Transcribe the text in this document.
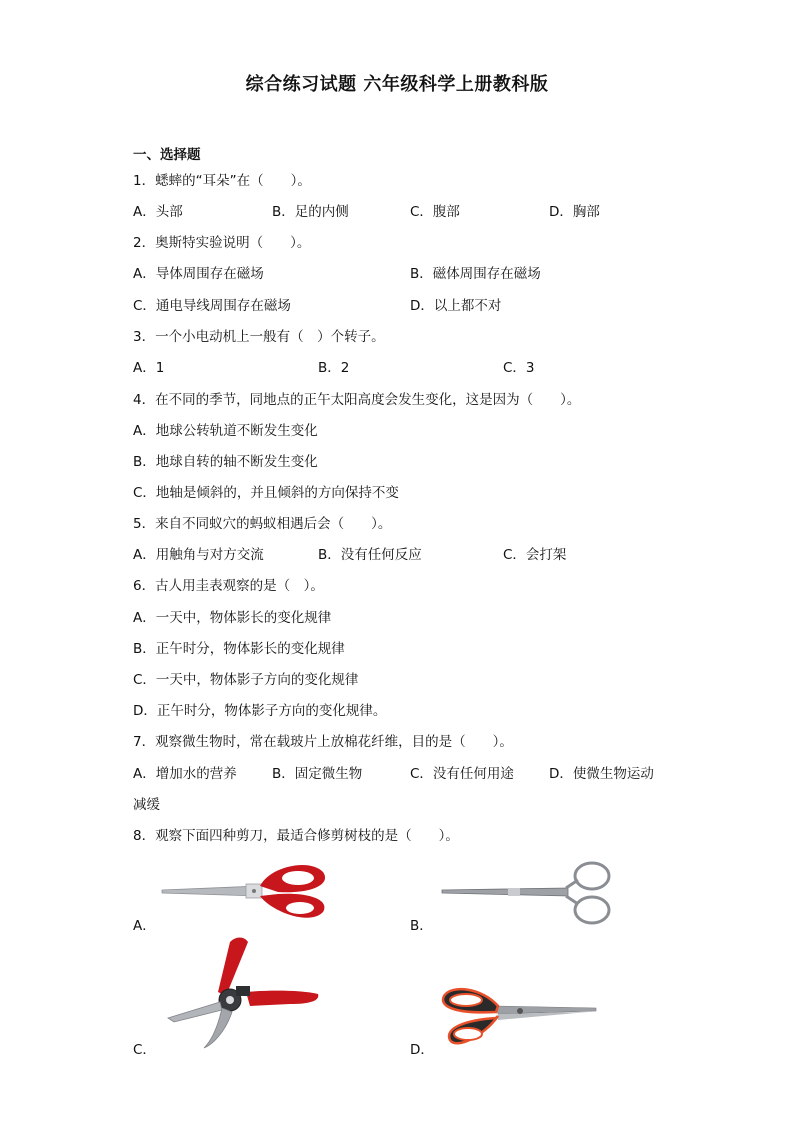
综合练习试题 六年级科学上册教科版
一、选择题
1．蟋蟀的“耳朵”在（　　）。
A．头部	B．足的内侧	C．腹部	D．胸部
2．奥斯特实验说明（　　）。
A．导体周围存在磁场	B．磁体周围存在磁场
C．通电导线周围存在磁场	D．以上都不对
3．一个小电动机上一般有（　）个转子。
A．1	B．2	C．3
4．在不同的季节，同地点的正午太阳高度会发生变化，这是因为（　　）。
A．地球公转轨道不断发生变化
B．地球自转的轴不断发生变化
C．地轴是倾斜的，并且倾斜的方向保持不变
5．来自不同蚁穴的蚂蚁相遇后会（　　）。
A．用触角与对方交流	B．没有任何反应	C．会打架
6．古人用圭表观察的是（　）。
A．一天中，物体影长的变化规律
B．正午时分，物体影长的变化规律
C．一天中，物体影子方向的变化规律
D．正午时分，物体影子方向的变化规律。
7．观察微生物时，常在载玻片上放棉花纤维，目的是（　　）。
A．增加水的营养	B．固定微生物	C．没有任何用途	D．使微生物运动
减缓
8．观察下面四种剪刀，最适合修剪树枝的是（　　）。
A．	B．
C．	D．
